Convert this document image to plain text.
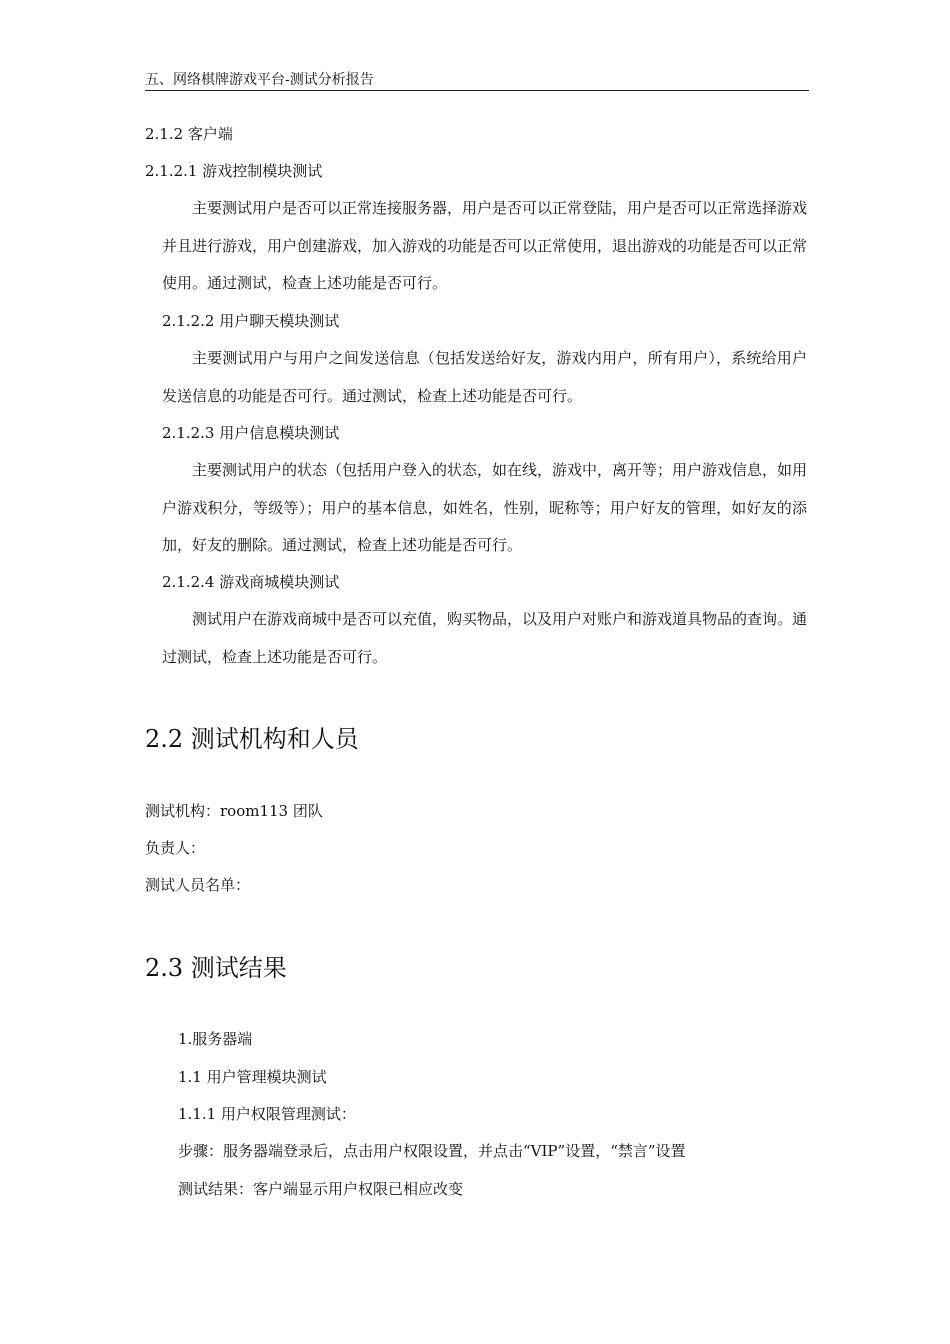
五、网络棋牌游戏平台-测试分析报告
2.1.2 客户端
2.1.2.1 游戏控制模块测试
主要测试用户是否可以正常连接服务器，用户是否可以正常登陆，用户是否可以正常选择游戏并且进行游戏，用户创建游戏，加入游戏的功能是否可以正常使用，退出游戏的功能是否可以正常使用。通过测试，检查上述功能是否可行。
2.1.2.2 用户聊天模块测试
主要测试用户与用户之间发送信息（包括发送给好友，游戏内用户，所有用户），系统给用户发送信息的功能是否可行。通过测试，检查上述功能是否可行。
2.1.2.3 用户信息模块测试
主要测试用户的状态（包括用户登入的状态，如在线，游戏中，离开等；用户游戏信息，如用户游戏积分，等级等）；用户的基本信息，如姓名，性别，昵称等；用户好友的管理，如好友的添加，好友的删除。通过测试，检查上述功能是否可行。
2.1.2.4 游戏商城模块测试
测试用户在游戏商城中是否可以充值，购买物品，以及用户对账户和游戏道具物品的查询。通过测试，检查上述功能是否可行。
2.2 测试机构和人员
测试机构：room113 团队
负责人：
测试人员名单：
2.3 测试结果
1.服务器端
1.1 用户管理模块测试
1.1.1 用户权限管理测试：
步骤：服务器端登录后，点击用户权限设置，并点击“VIP”设置，“禁言”设置
测试结果：客户端显示用户权限已相应改变
